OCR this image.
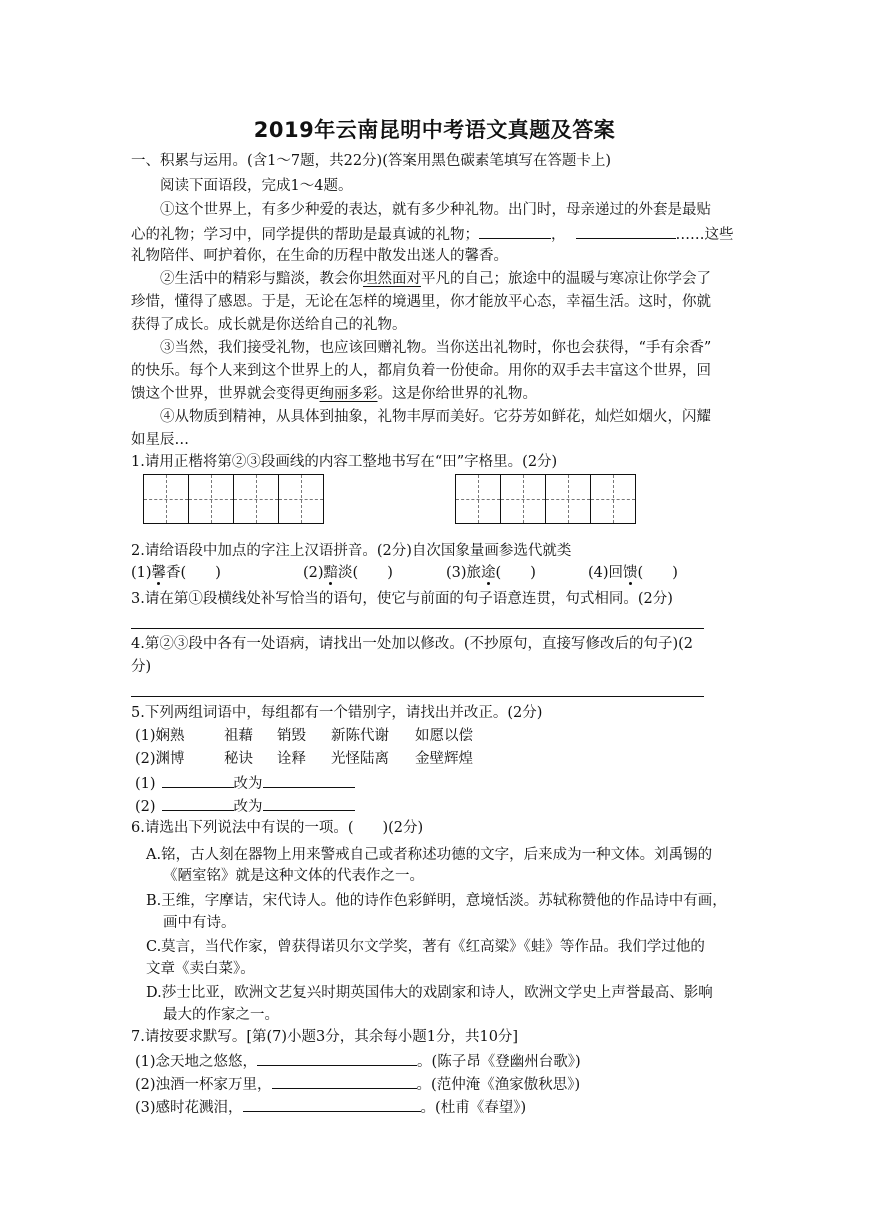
2019年云南昆明中考语文真题及答案
一、积累与运用。(含1～7题，共22分)(答案用黑色碳素笔填写在答题卡上)
阅读下面语段，完成1～4题。
①这个世界上，有多少种爱的表达，就有多少种礼物。出门时，母亲递过的外套是最贴
心的礼物；学习中，同学提供的帮助是最真诚的礼物；	，	……这些
礼物陪伴、呵护着你，在生命的历程中散发出迷人的馨香。
②生活中的精彩与黯淡，教会你坦然面对平凡的自己；旅途中的温暖与寒凉让你学会了
珍惜，懂得了感恩。于是，无论在怎样的境遇里，你才能放平心态，幸福生活。这时，你就
获得了成长。成长就是你送给自己的礼物。
③当然，我们接受礼物，也应该回赠礼物。当你送出礼物时，你也会获得，“手有余香”
的快乐。每个人来到这个世界上的人，都肩负着一份使命。用你的双手去丰富这个世界，回
馈这个世界，世界就会变得更绚丽多彩。这是你给世界的礼物。
④从物质到精神，从具体到抽象，礼物丰厚而美好。它芬芳如鲜花，灿烂如烟火，闪耀
如星辰…
1.请用正楷将第②③段画线的内容工整地书写在“田”字格里。(2分)
2.请给语段中加点的字注上汉语拼音。(2分)自次国象量画参选代就类
(1)馨香(　　)	(2)黯淡(　　)	(3)旅途(　　)	(4)回馈(　　)
3.请在第①段横线处补写恰当的语句，使它与前面的句子语意连贯，句式相同。(2分)
4.第②③段中各有一处语病，请找出一处加以修改。(不抄原句，直接写修改后的句子)(2
分)
5.下列两组词语中，每组都有一个错别字，请找出并改正。(2分)
(1)娴熟	祖藉 销毁 新陈代谢 如愿以偿
(2)渊博	秘诀 诠释 光怪陆离 金壁辉煌
(1)	改为
(2)	改为
6.请选出下列说法中有误的一项。(　　)(2分)
A.铭，古人刻在器物上用来警戒自己或者称述功德的文字，后来成为一种文体。刘禹锡的
《陋室铭》就是这种文体的代表作之一。
B.王维，字摩诘，宋代诗人。他的诗作色彩鲜明，意境恬淡。苏轼称赞他的作品诗中有画，
画中有诗。
C.莫言，当代作家，曾获得诺贝尔文学奖，著有《红高粱》《蛙》等作品。我们学过他的
文章《卖白菜》。
D.莎士比亚，欧洲文艺复兴时期英国伟大的戏剧家和诗人，欧洲文学史上声誉最高、影响
最大的作家之一。
7.请按要求默写。[第(7)小题3分，其余每小题1分，共10分]
(1)念天地之悠悠，	。(陈子昂《登幽州台歌》)
(2)浊酒一杯家万里，	。(范仲淹《渔家傲秋思》)
(3)感时花溅泪，	。(杜甫《春望》)
